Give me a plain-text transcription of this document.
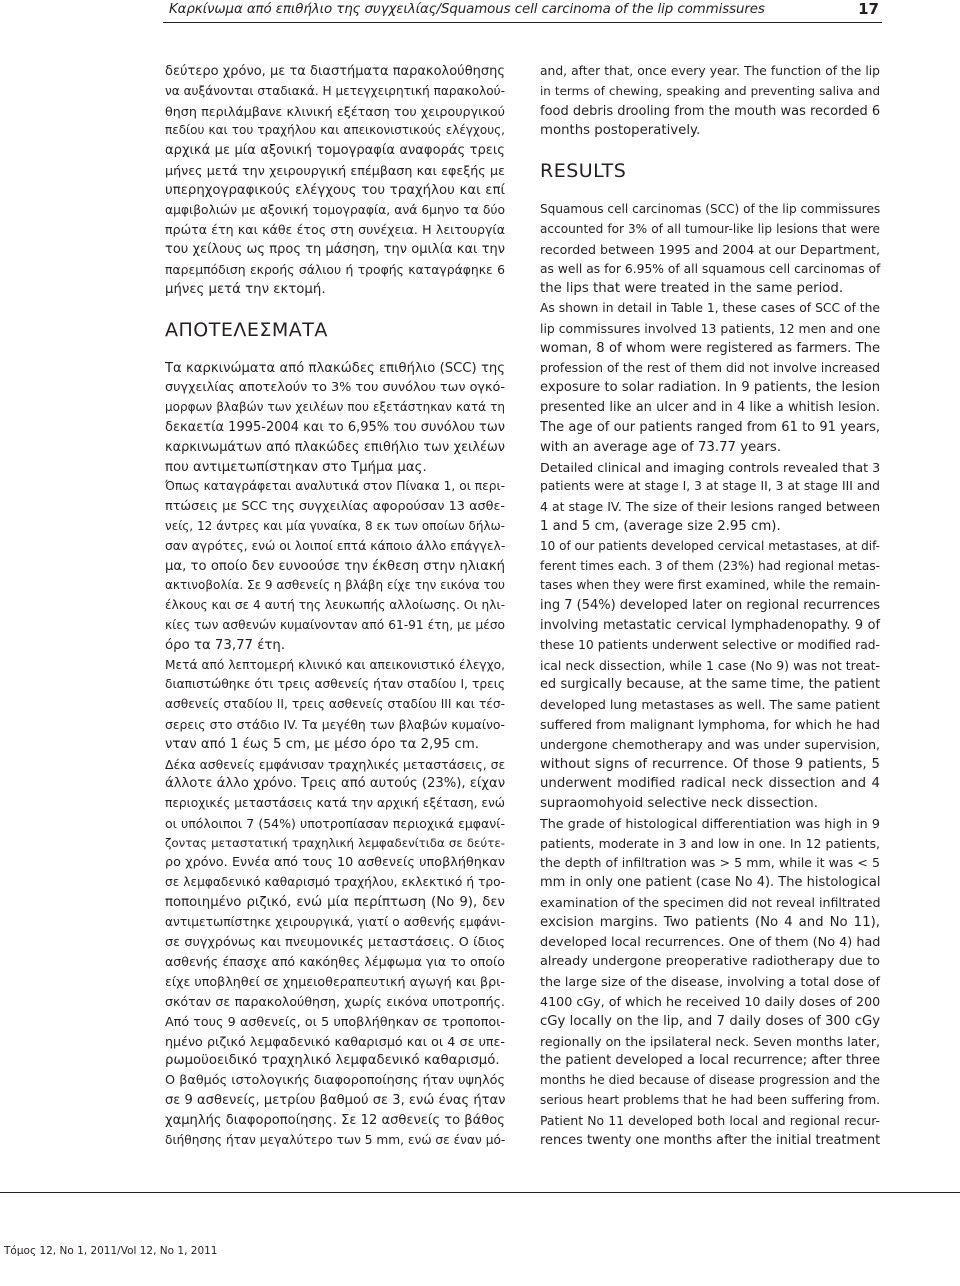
Καρκίνωμα από επιθήλιο της συγχειλίας/Squamous cell carcinoma of the lip commissures	17
δεύτερο χρόνο, με τα διαστήματα παρακολούθησης
να αυξάνονται σταδιακά. Η μετεγχειρητική παρακολού-
θηση περιλάμβανε κλινική εξέταση του χειρουργικού
πεδίου και του τραχήλου και απεικονιστικούς ελέγχους,
αρχικά με μία αξονική τομογραφία αναφοράς τρεις
μήνες μετά την χειρουργική επέμβαση και εφεξής με
υπερηχογραφικούς ελέγχους του τραχήλου και επί
αμφιβολιών με αξονική τομογραφία, ανά 6μηνο τα δύο
πρώτα έτη και κάθε έτος στη συνέχεια. Η λειτουργία
του χείλους ως προς τη μάσηση, την ομιλία και την
παρεμπόδιση εκροής σάλιου ή τροφής καταγράφηκε 6
μήνες μετά την εκτομή.
ΑΠΟΤΕΛΕΣΜΑΤΑ
Τα καρκινώματα από πλακώδες επιθήλιο (SCC) της
συγχειλίας αποτελούν το 3% του συνόλου των ογκό-
μορφων βλαβών των χειλέων που εξετάστηκαν κατά τη
δεκαετία 1995-2004 και το 6,95% του συνόλου των
καρκινωμάτων από πλακώδες επιθήλιο των χειλέων
που αντιμετωπίστηκαν στο Τμήμα μας.
Όπως καταγράφεται αναλυτικά στον Πίνακα 1, οι περι-
πτώσεις με SCC της συγχειλίας αφορούσαν 13 ασθε-
νείς, 12 άντρες και μία γυναίκα, 8 εκ των οποίων δήλω-
σαν αγρότες, ενώ οι λοιποί επτά κάποιο άλλο επάγγελ-
μα, το οποίο δεν ευνοούσε την έκθεση στην ηλιακή
ακτινοβολία. Σε 9 ασθενείς η βλάβη είχε την εικόνα του
έλκους και σε 4 αυτή της λευκωπής αλλοίωσης. Οι ηλι-
κίες των ασθενών κυμαίνονταν από 61-91 έτη, με μέσο
όρο τα 73,77 έτη.
Μετά από λεπτομερή κλινικό και απεικονιστικό έλεγχο,
διαπιστώθηκε ότι τρεις ασθενείς ήταν σταδίου Ι, τρεις
ασθενείς σταδίου ΙΙ, τρεις ασθενείς σταδίου ΙΙΙ και τέσ-
σερεις στο στάδιο ΙV. Τα μεγέθη των βλαβών κυμαίνο-
νταν από 1 έως 5 cm, με μέσο όρο τα 2,95 cm.
Δέκα ασθενείς εμφάνισαν τραχηλικές μεταστάσεις, σε
άλλοτε άλλο χρόνο. Τρεις από αυτούς (23%), είχαν
περιοχικές μεταστάσεις κατά την αρχική εξέταση, ενώ
οι υπόλοιποι 7 (54%) υποτροπίασαν περιοχικά εμφανί-
ζοντας μεταστατική τραχηλική λεμφαδενίτιδα σε δεύτε-
ρο χρόνο. Εννέα από τους 10 ασθενείς υποβλήθηκαν
σε λεμφαδενικό καθαρισμό τραχήλου, εκλεκτικό ή τρο-
ποποιημένο ριζικό, ενώ μία περίπτωση (Νο 9), δεν
αντιμετωπίστηκε χειρουργικά, γιατί ο ασθενής εμφάνι-
σε συγχρόνως και πνευμονικές μεταστάσεις. Ο ίδιος
ασθενής έπασχε από κακόηθες λέμφωμα για το οποίο
είχε υποβληθεί σε χημειοθεραπευτική αγωγή και βρι-
σκόταν σε παρακολούθηση, χωρίς εικόνα υποτροπής.
Από τους 9 ασθενείς, οι 5 υποβλήθηκαν σε τροποποι-
ημένο ριζικό λεμφαδενικό καθαρισμό και οι 4 σε υπε-
ρωμοϋοειδικό τραχηλικό λεμφαδενικό καθαρισμό.
Ο βαθμός ιστολογικής διαφοροποίησης ήταν υψηλός
σε 9 ασθενείς, μετρίου βαθμού σε 3, ενώ ένας ήταν
χαμηλής διαφοροποίησης. Σε 12 ασθενείς το βάθος
διήθησης ήταν μεγαλύτερο των 5 mm, ενώ σε έναν μό-
and, after that, once every year. The function of the lip
in terms of chewing, speaking and preventing saliva and
food debris drooling from the mouth was recorded 6
months postoperatively.
RESULTS
Squamous cell carcinomas (SCC) of the lip commissures
accounted for 3% of all tumour-like lip lesions that were
recorded between 1995 and 2004 at our Department,
as well as for 6.95% of all squamous cell carcinomas of
the lips that were treated in the same period.
As shown in detail in Table 1, these cases of SCC of the
lip commissures involved 13 patients, 12 men and one
woman, 8 of whom were registered as farmers. The
profession of the rest of them did not involve increased
exposure to solar radiation. In 9 patients, the lesion
presented like an ulcer and in 4 like a whitish lesion.
The age of our patients ranged from 61 to 91 years,
with an average age of 73.77 years.
Detailed clinical and imaging controls revealed that 3
patients were at stage I, 3 at stage II, 3 at stage III and
4 at stage IV. The size of their lesions ranged between
1 and 5 cm, (average size 2.95 cm).
10 of our patients developed cervical metastases, at dif-
ferent times each. 3 of them (23%) had regional metas-
tases when they were first examined, while the remain-
ing 7 (54%) developed later on regional recurrences
involving metastatic cervical lymphadenopathy. 9 of
these 10 patients underwent selective or modified rad-
ical neck dissection, while 1 case (No 9) was not treat-
ed surgically because, at the same time, the patient
developed lung metastases as well. The same patient
suffered from malignant lymphoma, for which he had
undergone chemotherapy and was under supervision,
without signs of recurrence. Of those 9 patients, 5
underwent modified radical neck dissection and 4
supraomohyoid selective neck dissection.
The grade of histological differentiation was high in 9
patients, moderate in 3 and low in one. In 12 patients,
the depth of infiltration was > 5 mm, while it was < 5
mm in only one patient (case No 4). The histological
examination of the specimen did not reveal infiltrated
excision margins. Two patients (No 4 and No 11),
developed local recurrences. One of them (No 4) had
already undergone preoperative radiotherapy due to
the large size of the disease, involving a total dose of
4100 cGy, of which he received 10 daily doses of 200
cGy locally on the lip, and 7 daily doses of 300 cGy
regionally on the ipsilateral neck. Seven months later,
the patient developed a local recurrence; after three
months he died because of disease progression and the
serious heart problems that he had been suffering from.
Patient No 11 developed both local and regional recur-
rences twenty one months after the initial treatment
Τόμος 12, Νο 1, 2011/Vol 12, No 1, 2011
